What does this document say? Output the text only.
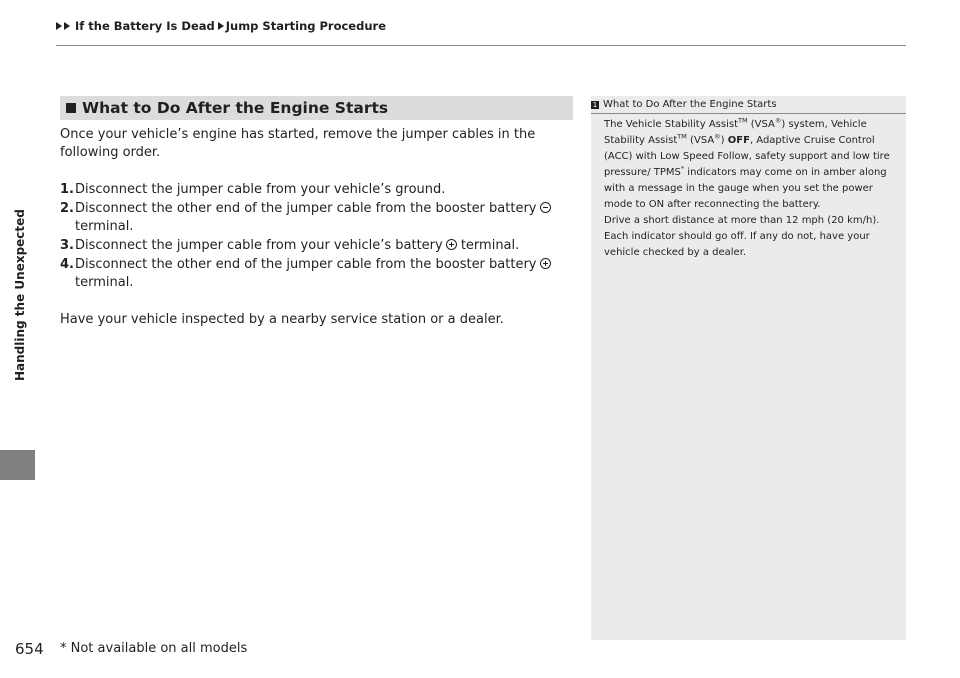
If the Battery Is Dead Jump Starting Procedure
Handling the Unexpected
What to Do After the Engine Starts
Once your vehicle’s engine has started, remove the jumper cables in the following order.
1. Disconnect the jumper cable from your vehicle’s ground.
2. Disconnect the other end of the jumper cable from the booster battery terminal.
3. Disconnect the jumper cable from your vehicle’s battery terminal.
4. Disconnect the other end of the jumper cable from the booster battery terminal.
Have your vehicle inspected by a nearby service station or a dealer.
1 What to Do After the Engine Starts
The Vehicle Stability Assist™ (VSA®) system, Vehicle Stability Assist™ (VSA®) OFF, Adaptive Cruise Control (ACC) with Low Speed Follow, safety support and low tire pressure/ TPMS* indicators may come on in amber along with a message in the gauge when you set the power mode to ON after reconnecting the battery.
Drive a short distance at more than 12 mph (20 km/h). Each indicator should go off. If any do not, have your vehicle checked by a dealer.
654 * Not available on all models
